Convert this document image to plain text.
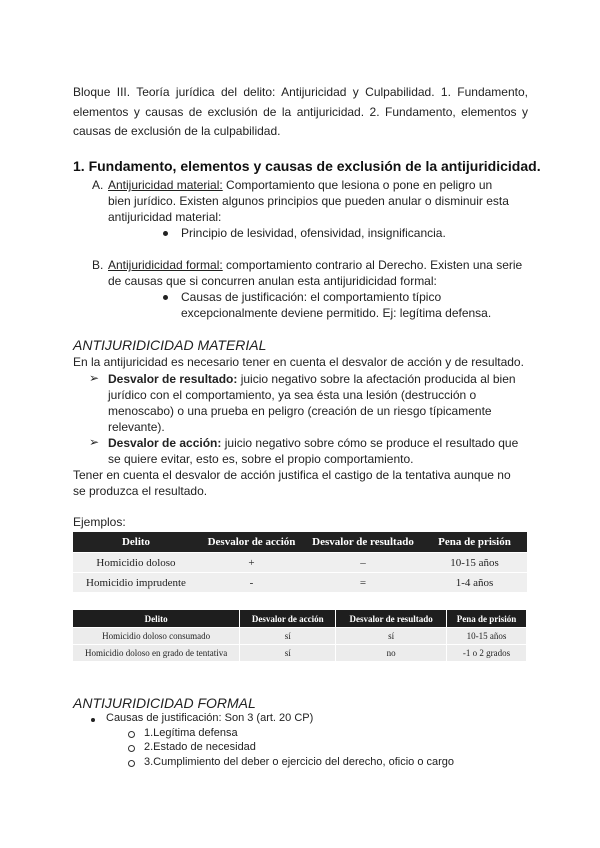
Bloque III. Teoría jurídica del delito: Antijuricidad y Culpabilidad. 1. Fundamento, elementos y causas de exclusión de la antijuricidad. 2. Fundamento, elementos y causas de exclusión de la culpabilidad.
1. Fundamento, elementos y causas de exclusión de la antijuridicidad.
A. Antijuricidad material: Comportamiento que lesiona o pone en peligro un
bien jurídico. Existen algunos principios que pueden anular o disminuir esta
antijuricidad material:
Principio de lesividad, ofensividad, insignificancia.
B. Antijuridicidad formal: comportamiento contrario al Derecho. Existen una serie
de causas que si concurren anulan esta antijuridicidad formal:
Causas de justificación: el comportamiento típico
excepcionalmente deviene permitido. Ej: legítima defensa.
ANTIJURIDICIDAD MATERIAL
En la antijuricidad es necesario tener en cuenta el desvalor de acción y de resultado.
➢ Desvalor de resultado: juicio negativo sobre la afectación producida al bien
jurídico con el comportamiento, ya sea ésta una lesión (destrucción o
menoscabo) o una prueba en peligro (creación de un riesgo típicamente
relevante).
➢ Desvalor de acción: juicio negativo sobre cómo se produce el resultado que
se quiere evitar, esto es, sobre el propio comportamiento.
Tener en cuenta el desvalor de acción justifica el castigo de la tentativa aunque no
se produzca el resultado.
Ejemplos:
Delito	Desvalor de acción	Desvalor de resultado	Pena de prisión
Homicidio doloso	+	–	10-15 años
Homicidio imprudente	-	=	1-4 años
Delito	Desvalor de acción	Desvalor de resultado	Pena de prisión
Homicidio doloso consumado	sí	sí	10-15 años
Homicidio doloso en grado de tentativa	sí	no	-1 o 2 grados
ANTIJURIDICIDAD FORMAL
Causas de justificación: Son 3 (art. 20 CP)
1.Legítima defensa
2.Estado de necesidad
3.Cumplimiento del deber o ejercicio del derecho, oficio o cargo
